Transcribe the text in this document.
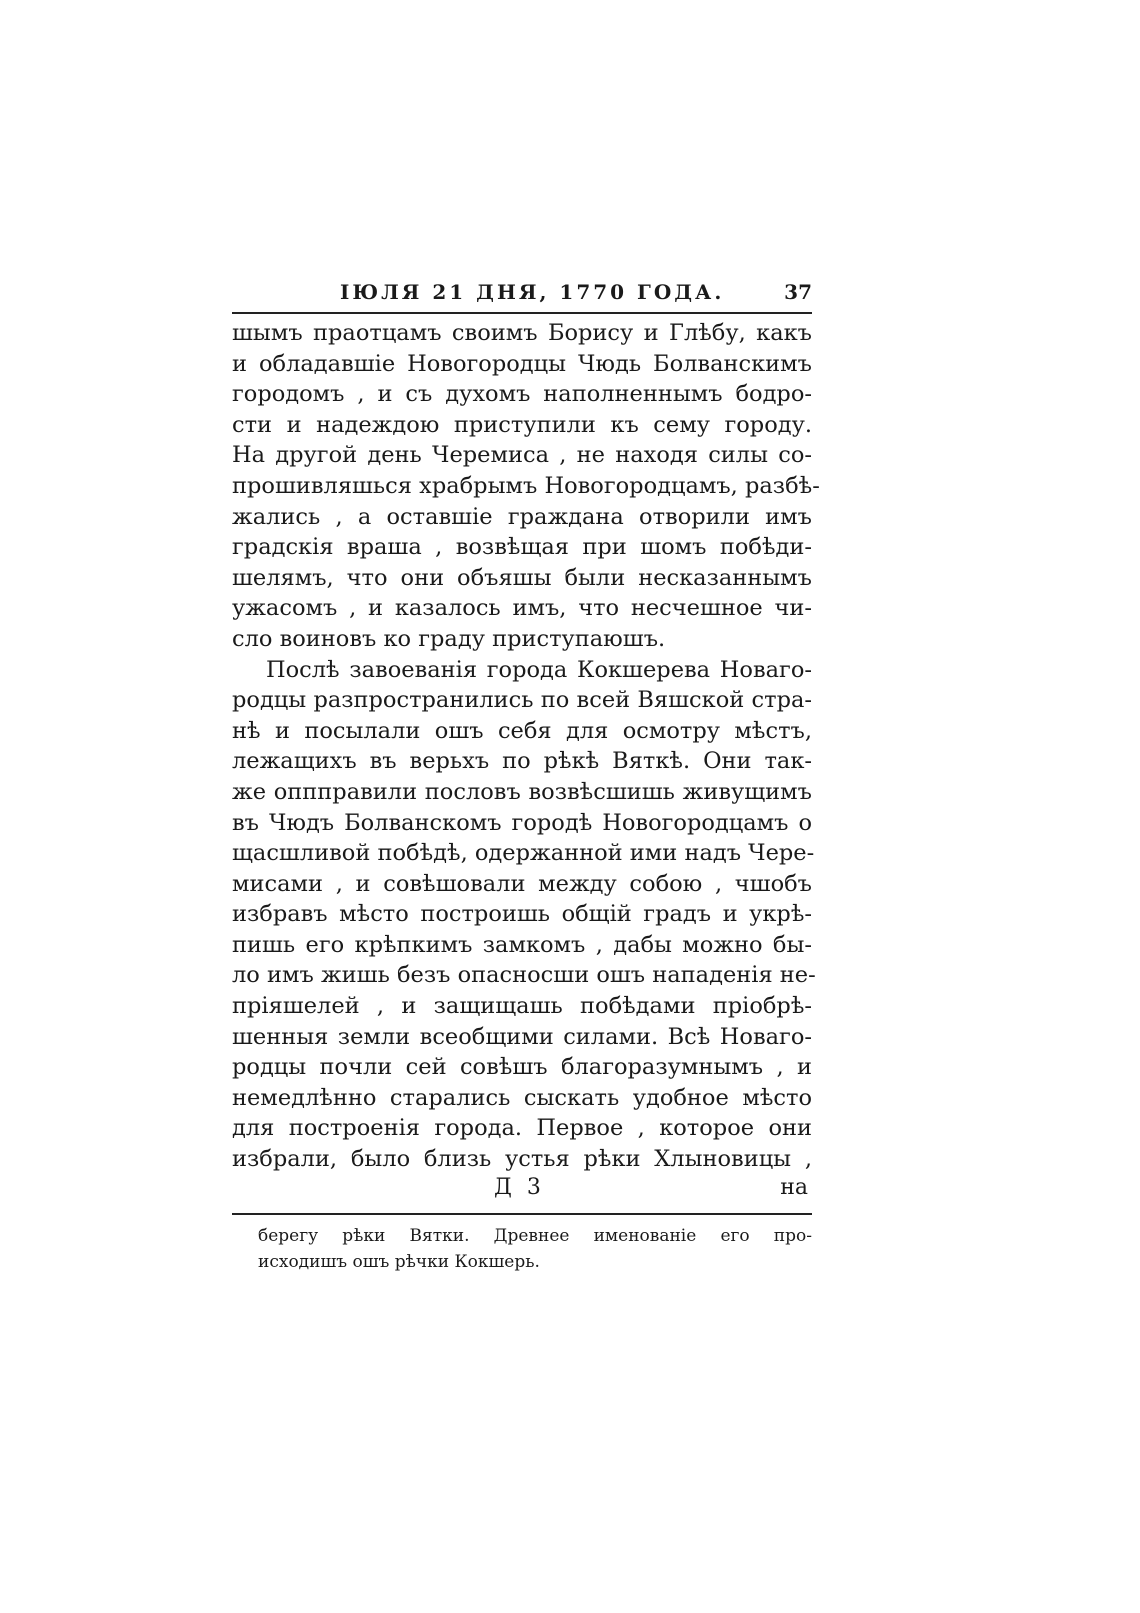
ІЮЛЯ 21 ДНЯ, 1770 ГОДА.	37
шымъ праотцамъ своимъ Борису и Глѣбу, какъ
и обладавшіе Новогородцы Чюдь Болванскимъ
городомъ , и съ духомъ наполненнымъ бодро-
сти и надеждою приступили къ сему городу.
На другой день Черемиса , не находя силы со-
прошивляшься храбрымъ Новогородцамъ, разбѣ-
жались , а оставшіе граждана отворили имъ
градскія враша , возвѣщая при шомъ побѣди-
шелямъ, что они объяшы были несказаннымъ
ужасомъ , и казалось имъ, что несчешное чи-
сло воиновъ ко граду приступаюшъ.
Послѣ завоеванія города Кокшерева Новаго-
родцы разпространились по всей Вяшской стра-
нѣ и посылали ошъ себя для осмотру мѣстъ,
лежащихъ въ верьхъ по рѣкѣ Вяткѣ. Они так-
же оппправили пословъ возвѣсшишь живущимъ
въ Чюдъ Болванскомъ городѣ Новогородцамъ о
щасшливой побѣдѣ, одержанной ими надъ Чере-
мисами , и совѣшовали между собою , чшобъ
избравъ мѣсто построишь общій градъ и укрѣ-
пишь его крѣпкимъ замкомъ , дабы можно бы-
ло имъ жишь безъ опасносши ошъ нападенія не-
пріяшелей , и защищашь побѣдами пріобрѣ-
шенныя земли всеобщими силами. Всѣ Новаго-
родцы почли сей совѣшъ благоразумнымъ , и
немедлѣнно старались сыскать удобное мѣсто
для построенія города. Первое , которое они
избрали, было близь устья рѣки Хлыновицы ,
Д 3	на
берегу рѣки Вятки. Древнее именованіе его про-
исходишъ ошъ рѣчки Кокшерь.
